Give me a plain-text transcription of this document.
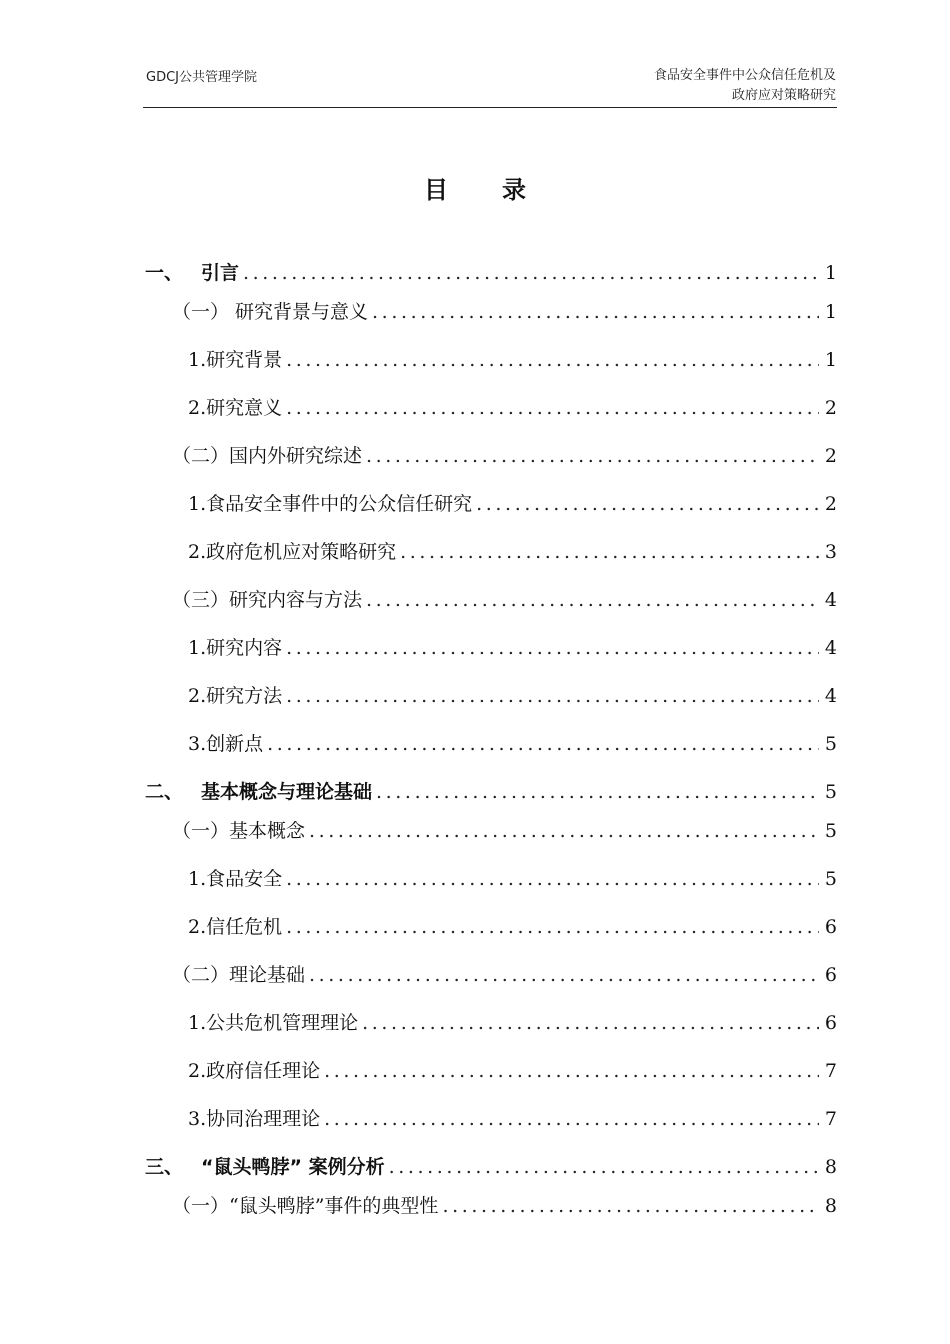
GDCJ公共管理学院	食品安全事件中公众信任危机及
政府应对策略研究
目 录
一、 引言 .....	1
（一） 研究背景与意义 .....	1
1.研究背景 .....	1
2.研究意义 .....	2
（二）国内外研究综述 .....	2
1.食品安全事件中的公众信任研究 .....	2
2.政府危机应对策略研究 .....	3
（三）研究内容与方法 .....	4
1.研究内容 .....	4
2.研究方法 .....	4
3.创新点 .....	5
二、 基本概念与理论基础 .....	5
（一）基本概念 .....	5
1.食品安全 .....	5
2.信任危机 .....	6
（二）理论基础 .....	6
1.公共危机管理理论 .....	6
2.政府信任理论 .....	7
3.协同治理理论 .....	7
三、 “鼠头鸭脖” 案例分析 .....	8
（一）“鼠头鸭脖”事件的典型性 .....	8
